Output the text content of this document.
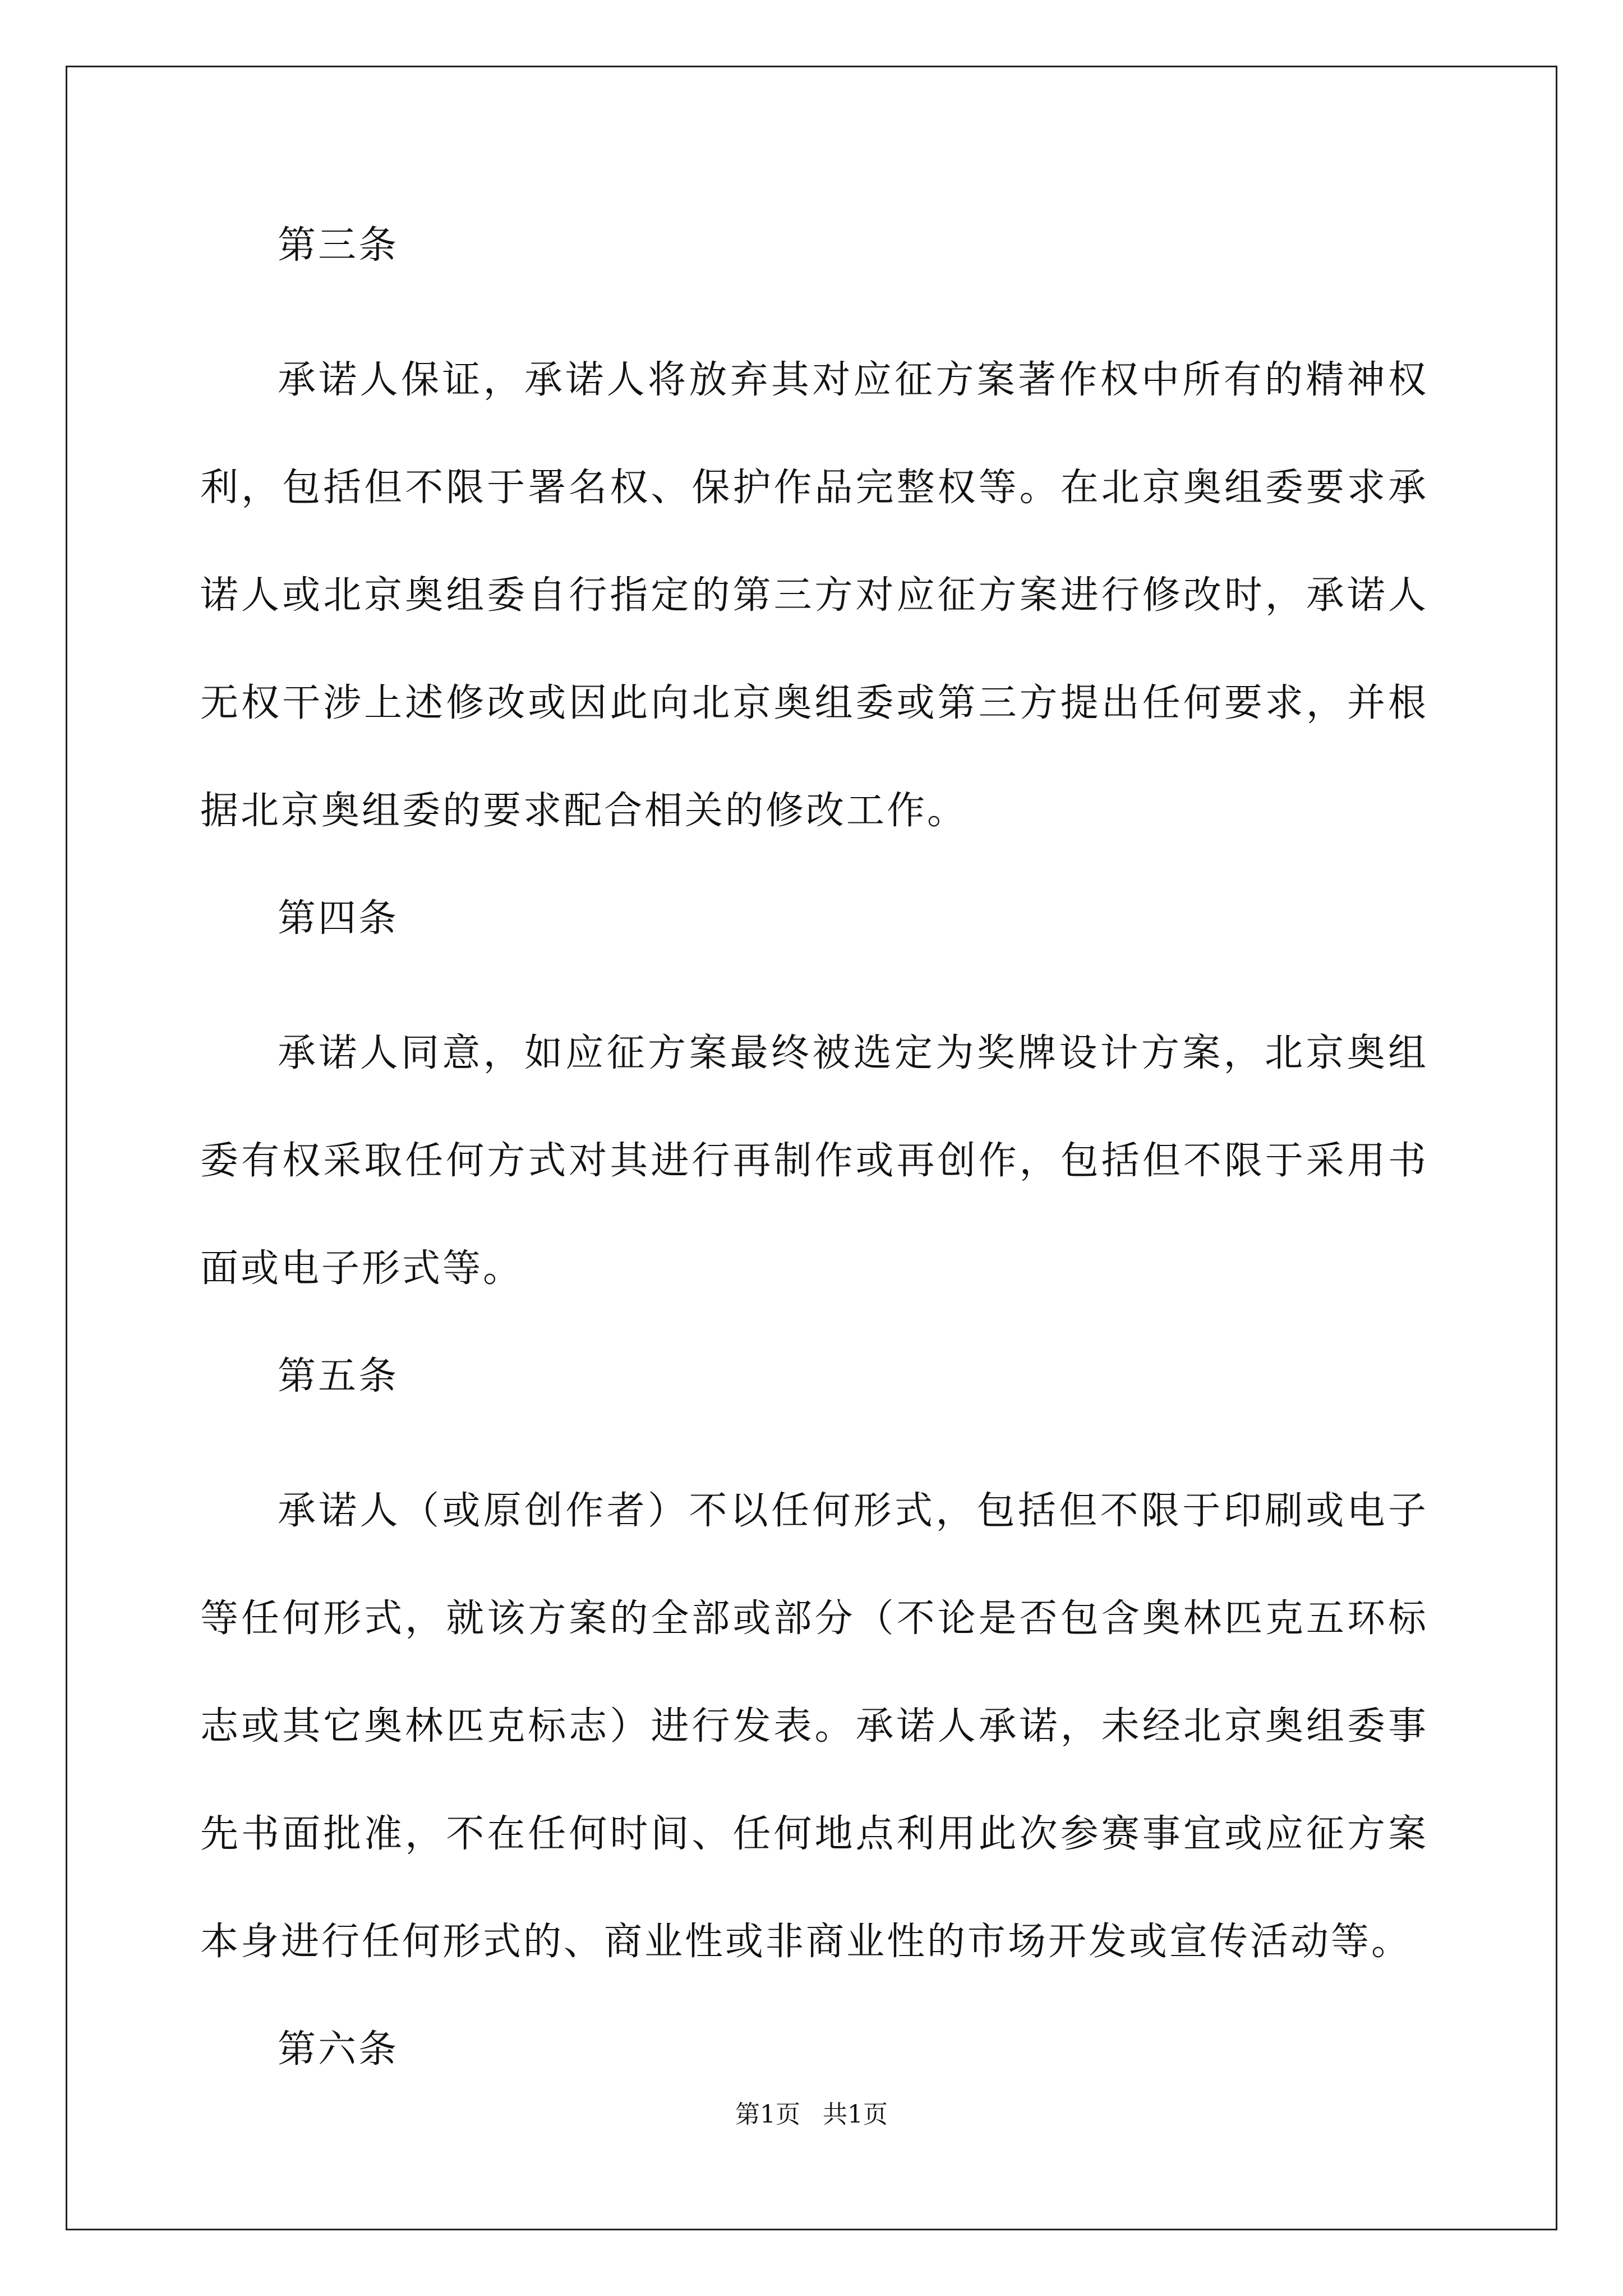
第三条

承诺人保证，承诺人将放弃其对应征方案著作权中所有的精神权利，包括但不限于署名权、保护作品完整权等。在北京奥组委要求承诺人或北京奥组委自行指定的第三方对应征方案进行修改时，承诺人无权干涉上述修改或因此向北京奥组委或第三方提出任何要求，并根据北京奥组委的要求配合相关的修改工作。

第四条

承诺人同意，如应征方案最终被选定为奖牌设计方案，北京奥组委有权采取任何方式对其进行再制作或再创作，包括但不限于采用书面或电子形式等。

第五条

承诺人（或原创作者）不以任何形式，包括但不限于印刷或电子等任何形式，就该方案的全部或部分（不论是否包含奥林匹克五环标志或其它奥林匹克标志）进行发表。承诺人承诺，未经北京奥组委事先书面批准，不在任何时间、任何地点利用此次参赛事宜或应征方案本身进行任何形式的、商业性或非商业性的市场开发或宣传活动等。

第六条
第1页 共1页
